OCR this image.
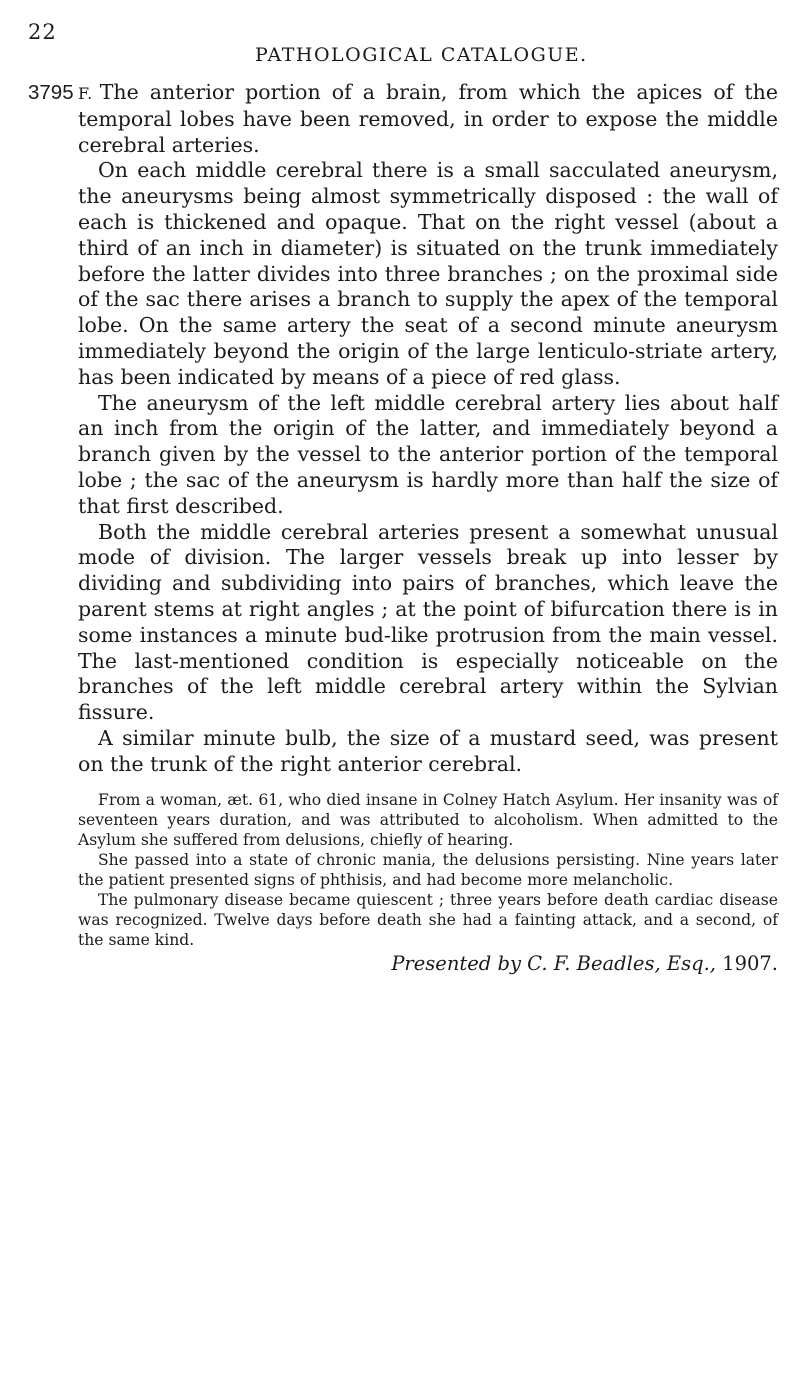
22
PATHOLOGICAL CATALOGUE.
3795 F. The anterior portion of a brain, from which the apices of the temporal lobes have been removed, in order to expose the middle cerebral arteries.

On each middle cerebral there is a small sacculated aneurysm, the aneurysms being almost symmetrically disposed : the wall of each is thickened and opaque. That on the right vessel (about a third of an inch in diameter) is situated on the trunk immediately before the latter divides into three branches ; on the proximal side of the sac there arises a branch to supply the apex of the temporal lobe. On the same artery the seat of a second minute aneurysm immediately beyond the origin of the large lenticulo-striate artery, has been indicated by means of a piece of red glass.

The aneurysm of the left middle cerebral artery lies about half an inch from the origin of the latter, and immediately beyond a branch given by the vessel to the anterior portion of the temporal lobe ; the sac of the aneurysm is hardly more than half the size of that first described.

Both the middle cerebral arteries present a somewhat unusual mode of division. The larger vessels break up into lesser by dividing and subdividing into pairs of branches, which leave the parent stems at right angles ; at the point of bifurcation there is in some instances a minute bud-like protrusion from the main vessel. The last-mentioned condition is especially noticeable on the branches of the left middle cerebral artery within the Sylvian fissure.

A similar minute bulb, the size of a mustard seed, was present on the trunk of the right anterior cerebral.

From a woman, æt. 61, who died insane in Colney Hatch Asylum. Her insanity was of seventeen years duration, and was attributed to alcoholism. When admitted to the Asylum she suffered from delusions, chiefly of hearing.

She passed into a state of chronic mania, the delusions persisting. Nine years later the patient presented signs of phthisis, and had become more melancholic.

The pulmonary disease became quiescent ; three years before death cardiac disease was recognized. Twelve days before death she had a fainting attack, and a second, of the same kind.

Presented by C. F. Beadles, Esq., 1907.
